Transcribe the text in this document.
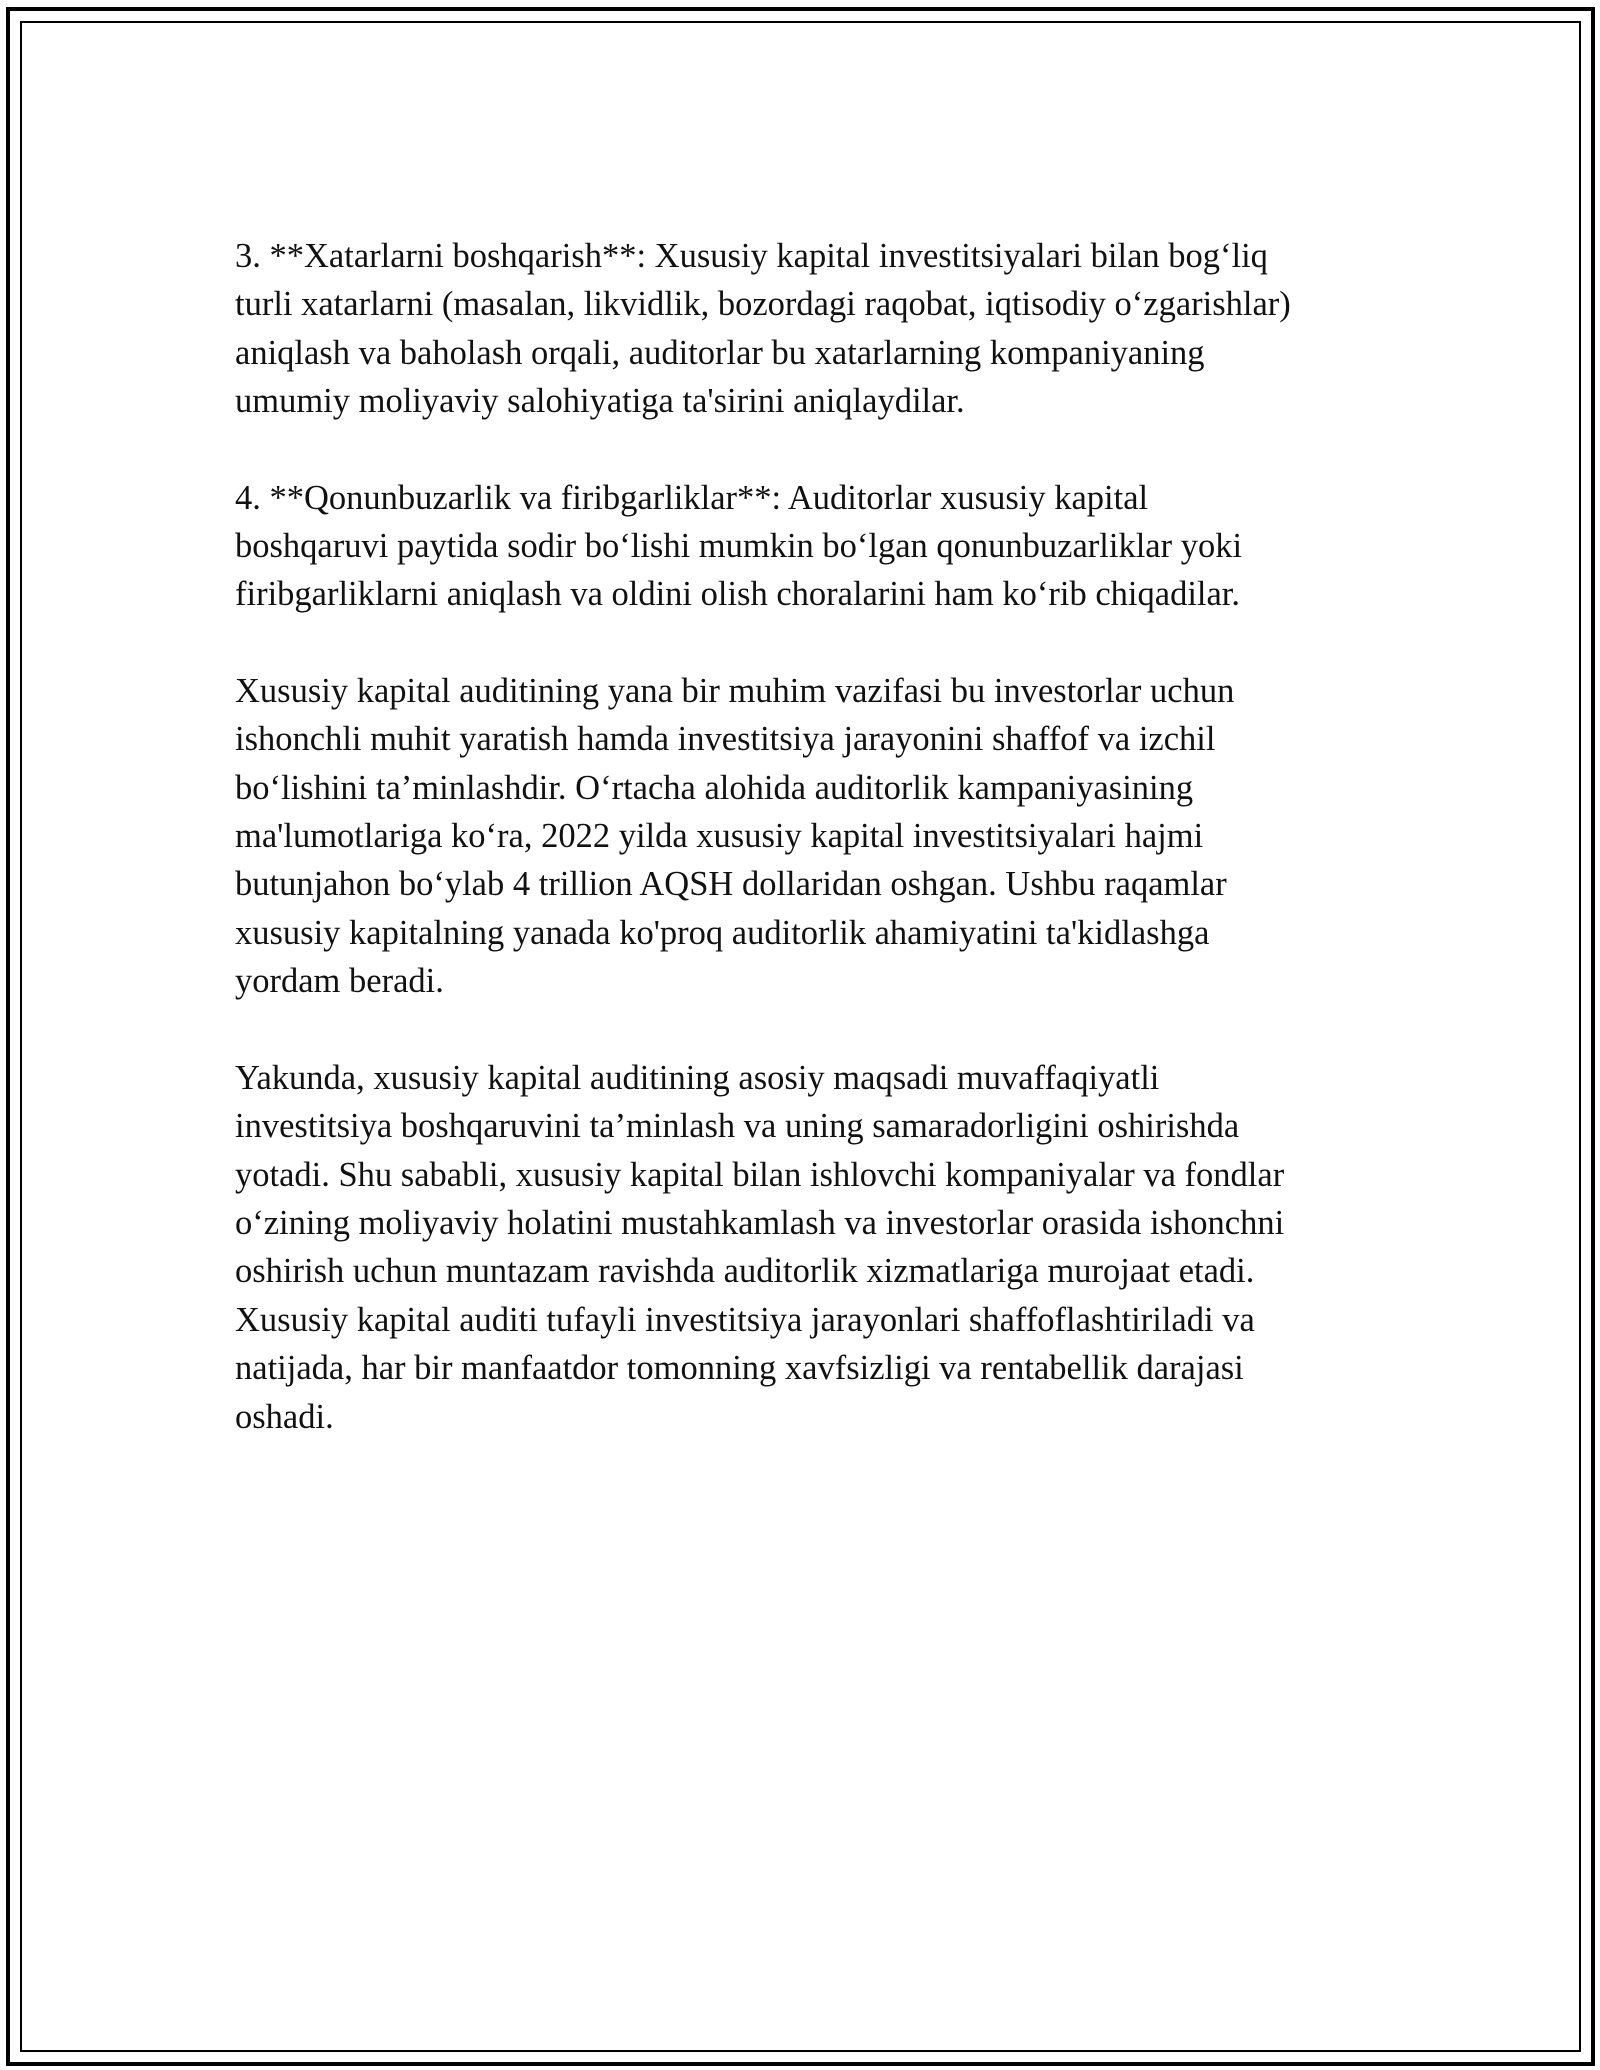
3. **Xatarlarni boshqarish**: Xususiy kapital investitsiyalari bilan bog‘liq
turli xatarlarni (masalan, likvidlik, bozordagi raqobat, iqtisodiy o‘zgarishlar)
aniqlash va baholash orqali, auditorlar bu xatarlarning kompaniyaning
umumiy moliyaviy salohiyatiga ta'sirini aniqlaydilar.

4. **Qonunbuzarlik va firibgarliklar**: Auditorlar xususiy kapital
boshqaruvi paytida sodir bo‘lishi mumkin bo‘lgan qonunbuzarliklar yoki
firibgarliklarni aniqlash va oldini olish choralarini ham ko‘rib chiqadilar.

Xususiy kapital auditining yana bir muhim vazifasi bu investorlar uchun
ishonchli muhit yaratish hamda investitsiya jarayonini shaffof va izchil
bo‘lishini ta’minlashdir. O‘rtacha alohida auditorlik kampaniyasining
ma'lumotlariga ko‘ra, 2022 yilda xususiy kapital investitsiyalari hajmi
butunjahon bo‘ylab 4 trillion AQSH dollaridan oshgan. Ushbu raqamlar
xususiy kapitalning yanada ko'proq auditorlik ahamiyatini ta'kidlashga
yordam beradi.

Yakunda, xususiy kapital auditining asosiy maqsadi muvaffaqiyatli
investitsiya boshqaruvini ta’minlash va uning samaradorligini oshirishda
yotadi. Shu sababli, xususiy kapital bilan ishlovchi kompaniyalar va fondlar
o‘zining moliyaviy holatini mustahkamlash va investorlar orasida ishonchni
oshirish uchun muntazam ravishda auditorlik xizmatlariga murojaat etadi.
Xususiy kapital auditi tufayli investitsiya jarayonlari shaffoflashtiriladi va
natijada, har bir manfaatdor tomonning xavfsizligi va rentabellik darajasi
oshadi.
